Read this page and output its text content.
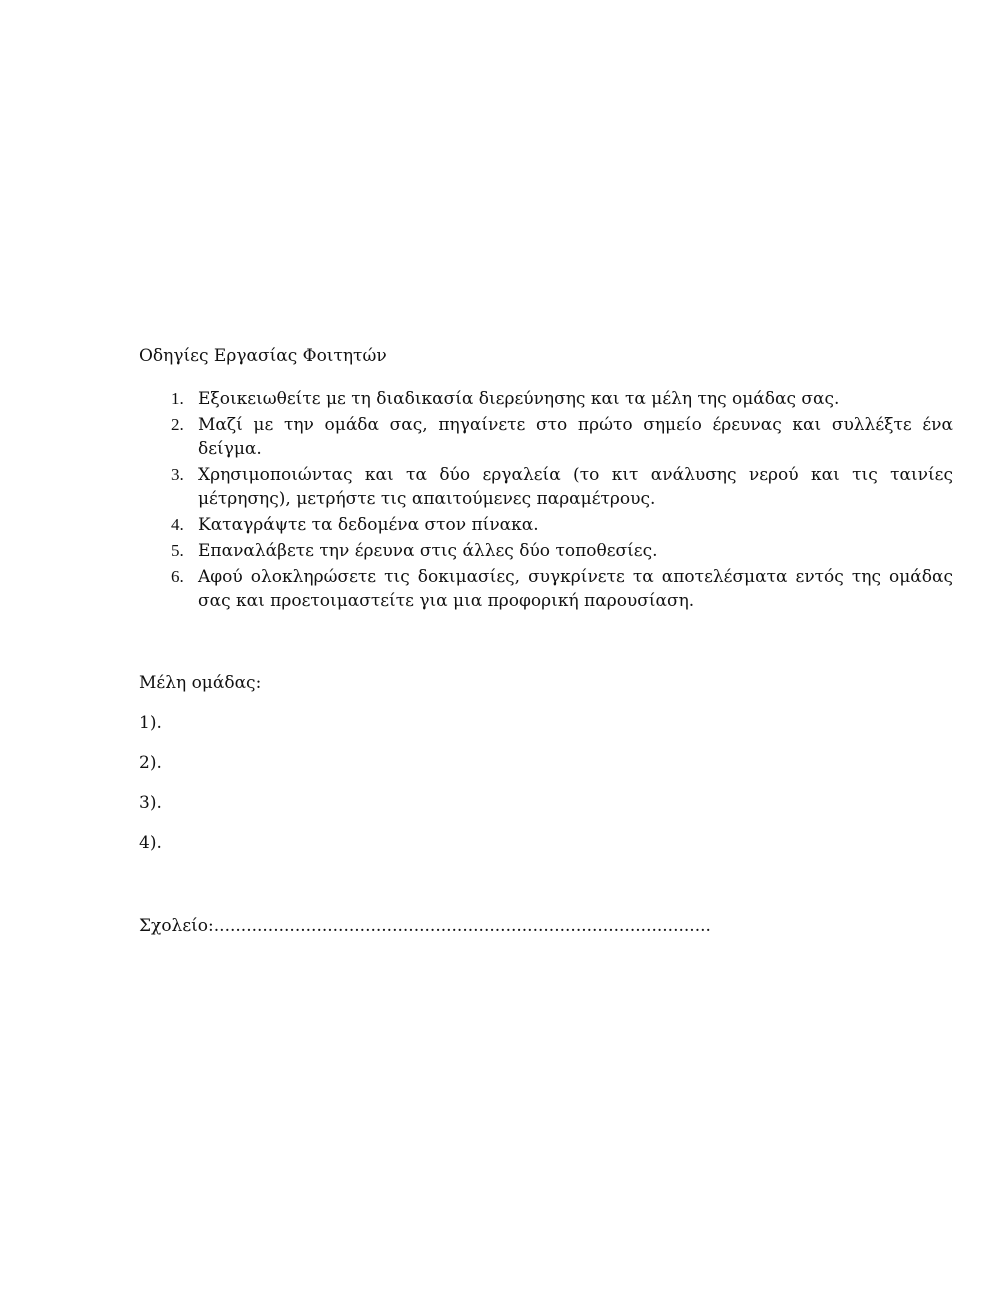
Οδηγίες Εργασίας Φοιτητών
1. Εξοικειωθείτε με τη διαδικασία διερεύνησης και τα μέλη της ομάδας σας.
2. Μαζί με την ομάδα σας, πηγαίνετε στο πρώτο σημείο έρευνας και συλλέξτε ένα δείγμα.
3. Χρησιμοποιώντας και τα δύο εργαλεία (το κιτ ανάλυσης νερού και τις ταινίες μέτρησης), μετρήστε τις απαιτούμενες παραμέτρους.
4. Καταγράψτε τα δεδομένα στον πίνακα.
5. Επαναλάβετε την έρευνα στις άλλες δύο τοποθεσίες.
6. Αφού ολοκληρώσετε τις δοκιμασίες, συγκρίνετε τα αποτελέσματα εντός της ομάδας σας και προετοιμαστείτε για μια προφορική παρουσίαση.
Μέλη ομάδας:
1).
2).
3).
4).
Σχολείο:............................................................................................
